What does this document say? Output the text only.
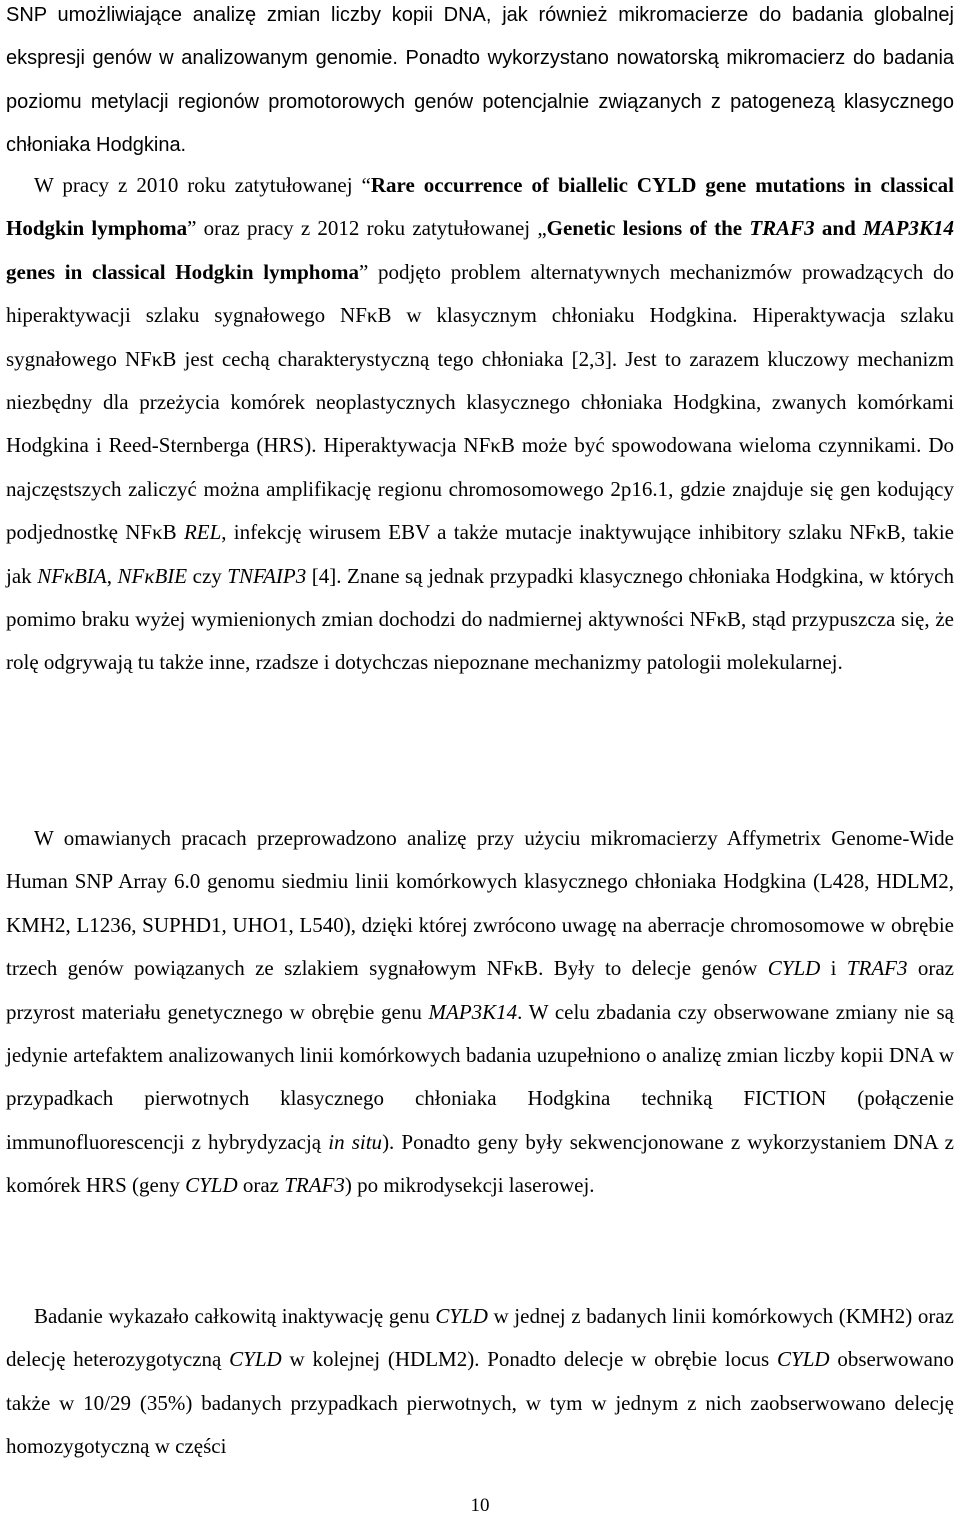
SNP umożliwiające analizę zmian liczby kopii DNA, jak również mikromacierze do badania globalnej ekspresji genów w analizowanym genomie. Ponadto wykorzystano nowatorską mikromacierz do badania poziomu metylacji regionów promotorowych genów potencjalnie związanych z patogenezą klasycznego chłoniaka Hodgkina.

W pracy z 2010 roku zatytułowanej “Rare occurrence of biallelic CYLD gene mutations in classical Hodgkin lymphoma” oraz pracy z 2012 roku zatytułowanej „Genetic lesions of the TRAF3 and MAP3K14 genes in classical Hodgkin lymphoma” podjęto problem alternatywnych mechanizmów prowadzących do hiperaktywacji szlaku sygnałowego NFκB w klasycznym chłoniaku Hodgkina. Hiperaktywacja szlaku sygnałowego NFκB jest cechą charakterystyczną tego chłoniaka [2,3]. Jest to zarazem kluczowy mechanizm niezbędny dla przeżycia komórek neoplastycznych klasycznego chłoniaka Hodgkina, zwanych komórkami Hodgkina i Reed-Sternberga (HRS). Hiperaktywacja NFκB może być spowodowana wieloma czynnikami. Do najczęstszych zaliczyć można amplifikację regionu chromosomowego 2p16.1, gdzie znajduje się gen kodujący podjednostkę NFκB REL, infekcję wirusem EBV a także mutacje inaktywujące inhibitory szlaku NFκB, takie jak NFκBIA, NFκBIE czy TNFAIP3 [4]. Znane są jednak przypadki klasycznego chłoniaka Hodgkina, w których pomimo braku wyżej wymienionych zmian dochodzi do nadmiernej aktywności NFκB, stąd przypuszcza się, że rolę odgrywają tu także inne, rzadsze i dotychczas niepoznane mechanizmy patologii molekularnej.

W omawianych pracach przeprowadzono analizę przy użyciu mikromacierzy Affymetrix Genome-Wide Human SNP Array 6.0 genomu siedmiu linii komórkowych klasycznego chłoniaka Hodgkina (L428, HDLM2, KMH2, L1236, SUPHD1, UHO1, L540), dzięki której zwrócono uwagę na aberracje chromosomowe w obrębie trzech genów powiązanych ze szlakiem sygnałowym NFκB. Były to delecje genów CYLD i TRAF3 oraz przyrost materiału genetycznego w obrębie genu MAP3K14. W celu zbadania czy obserwowane zmiany nie są jedynie artefaktem analizowanych linii komórkowych badania uzupełniono o analizę zmian liczby kopii DNA w przypadkach pierwotnych klasycznego chłoniaka Hodgkina techniką FICTION (połączenie immunofluorescencji z hybrydyzacją in situ). Ponadto geny były sekwencjonowane z wykorzystaniem DNA z komórek HRS (geny CYLD oraz TRAF3) po mikrodysekcji laserowej.

Badanie wykazało całkowitą inaktywację genu CYLD w jednej z badanych linii komórkowych (KMH2) oraz delecję heterozygotyczną CYLD w kolejnej (HDLM2). Ponadto delecje w obrębie locus CYLD obserwowano także w 10/29 (35%) badanych przypadkach pierwotnych, w tym w jednym z nich zaobserwowano delecję homozygotyczną w części

10
